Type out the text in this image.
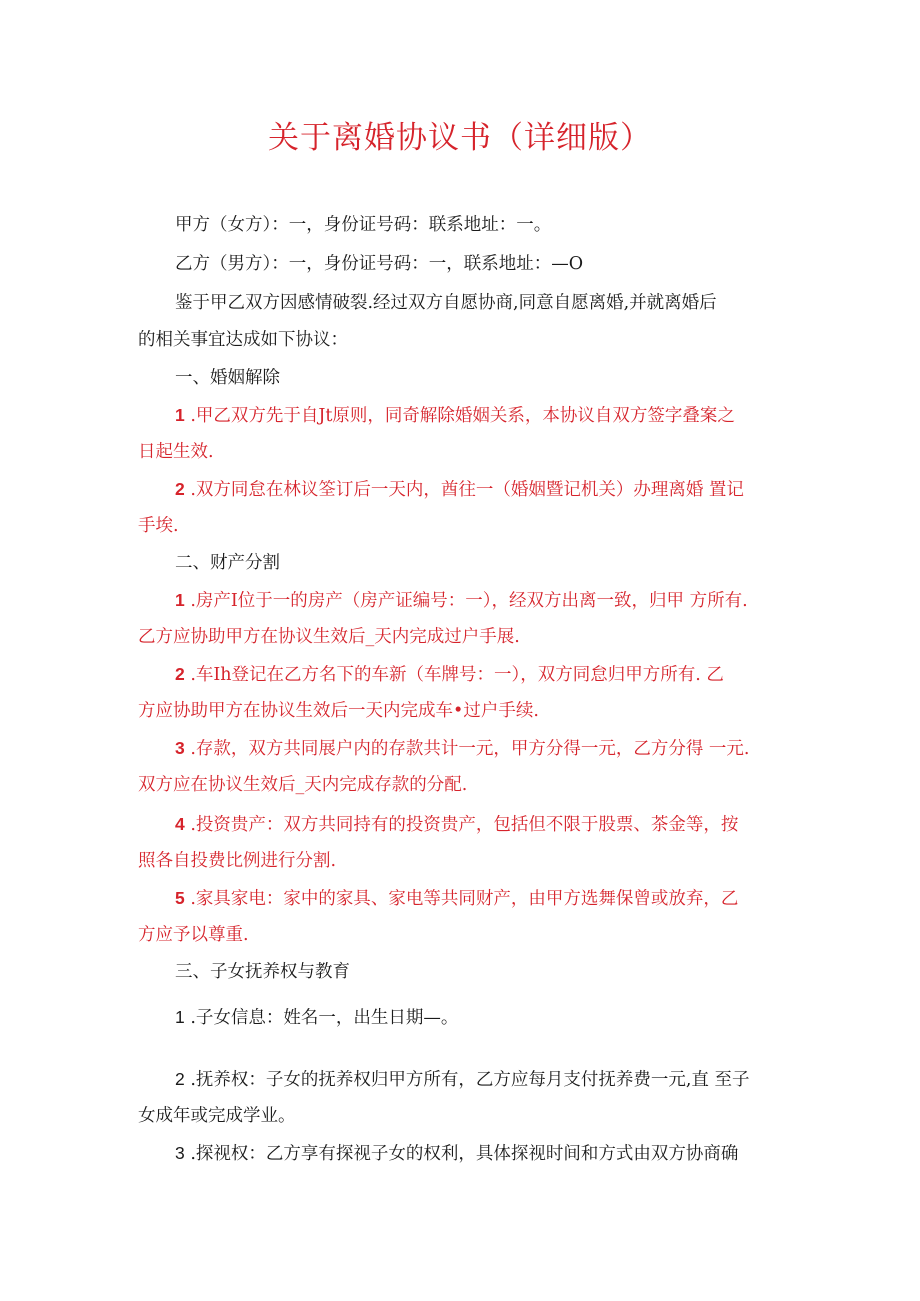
关于离婚协议书（详细版）
甲方（女方）：一，身份证号码：联系地址：一。
乙方（男方）：一，身份证号码：一，联系地址：—O
鉴于甲乙双方因感情破裂.经过双方自愿协商,同意自愿离婚,并就离婚后
的相关事宜达成如下协议：
一、婚姻解除
1 .甲乙双方先于自Jt原则，同奇解除婚姻关系，本协议自双方签字叠案之
日起生效.
2 .双方同怠在林议筌订后一天内，酋往一（婚姻暨记机关）办理离婚 置记
手埃.
二、财产分割
1 .房产I位于一的房产（房产证编号：一），经双方出离一致，归甲 方所有.
乙方应协助甲方在协议生效后_天内完成过户手展.
2 .车Ih登记在乙方名下的车新（车牌号：一），双方同怠归甲方所有. 乙
方应协助甲方在协议生效后一天内完成车•过户手续.
3 .存款，双方共同展户内的存款共计一元，甲方分得一元，乙方分得 一元.
双方应在协议生效后_天内完成存款的分配.
4 .投资贵产：双方共同持有的投资贵产，包括但不限于股票、茶金等，按
照各自投费比例进行分割.
5 .家具家电：家中的家具、家电等共同财产，由甲方选舞保曾或放弃，乙
方应予以尊重.
三、子女抚养权与教育
1 .子女信息：姓名一，出生日期—。
2 .抚养权：子女的抚养权归甲方所有，乙方应每月支付抚养费一元,直 至子
女成年或完成学业。
3 .探视权：乙方享有探视子女的权利，具体探视时间和方式由双方协商确
